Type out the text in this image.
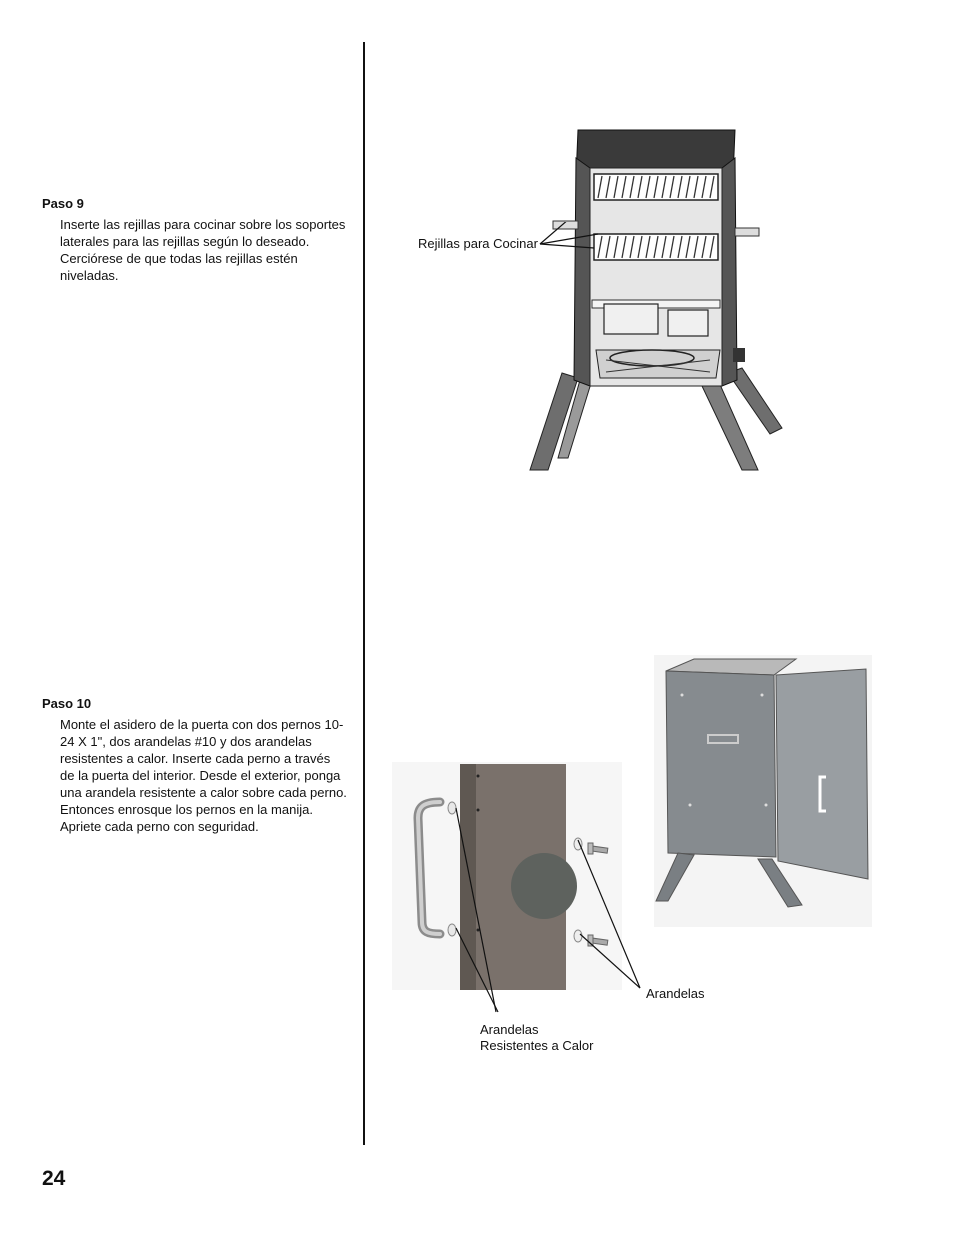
Paso 9

Inserte las rejillas para cocinar sobre los soportes laterales para las rejillas según lo deseado. Cerciórese de que todas las rejillas estén niveladas.

Paso 10

Monte el asidero de la puerta con dos pernos 10-24 X 1", dos arandelas #10 y dos arandelas resistentes a calor. Inserte cada perno a través de la puerta del interior. Desde el exterior, ponga una arandela resistente a calor sobre cada perno. Entonces enrosque los pernos en la manija. Apriete cada perno con seguridad.

Rejillas para Cocinar
Arandelas
Arandelas
Resistentes a Calor
24
